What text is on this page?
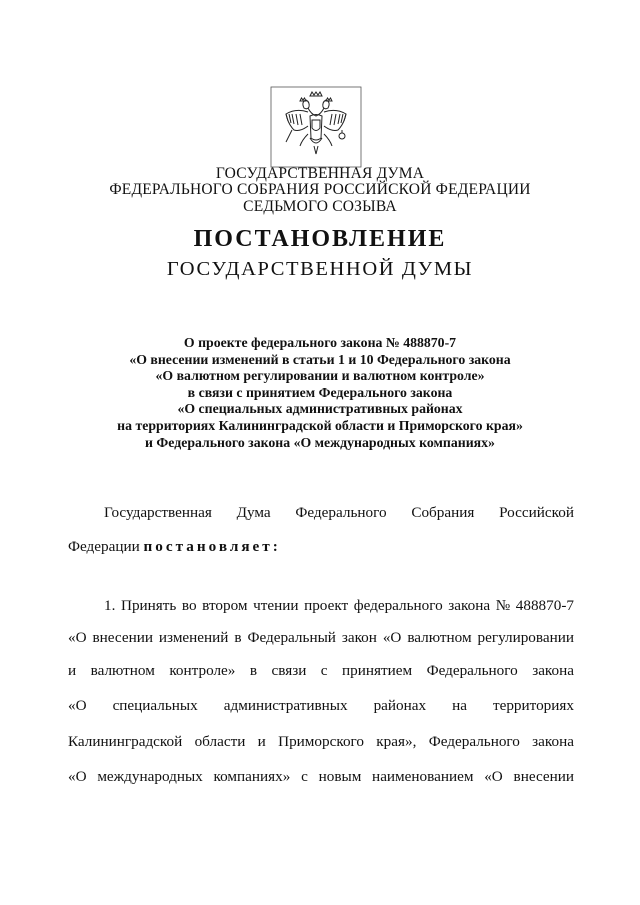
ГОСУДАРСТВЕННАЯ ДУМА
ФЕДЕРАЛЬНОГО СОБРАНИЯ РОССИЙСКОЙ ФЕДЕРАЦИИ
СЕДЬМОГО СОЗЫВА
ПОСТАНОВЛЕНИЕ
ГОСУДАРСТВЕННОЙ ДУМЫ
О проекте федерального закона № 488870-7
«О внесении изменений в статьи 1 и 10 Федерального закона
«О валютном регулировании и валютном контроле»
в связи с принятием Федерального закона
«О специальных административных районах
на территориях Калининградской области и Приморского края»
и Федерального закона «О международных компаниях»
Государственная Дума Федерального Собрания Российской
Федерации постановляет:
1. Принять во втором чтении проект федерального закона № 488870-7
«О внесении изменений в Федеральный закон «О валютном регулировании
и валютном контроле» в связи с принятием Федерального закона
«О специальных административных районах на территориях
Калининградской области и Приморского края», Федерального закона
«О международных компаниях» с новым наименованием «О внесении
